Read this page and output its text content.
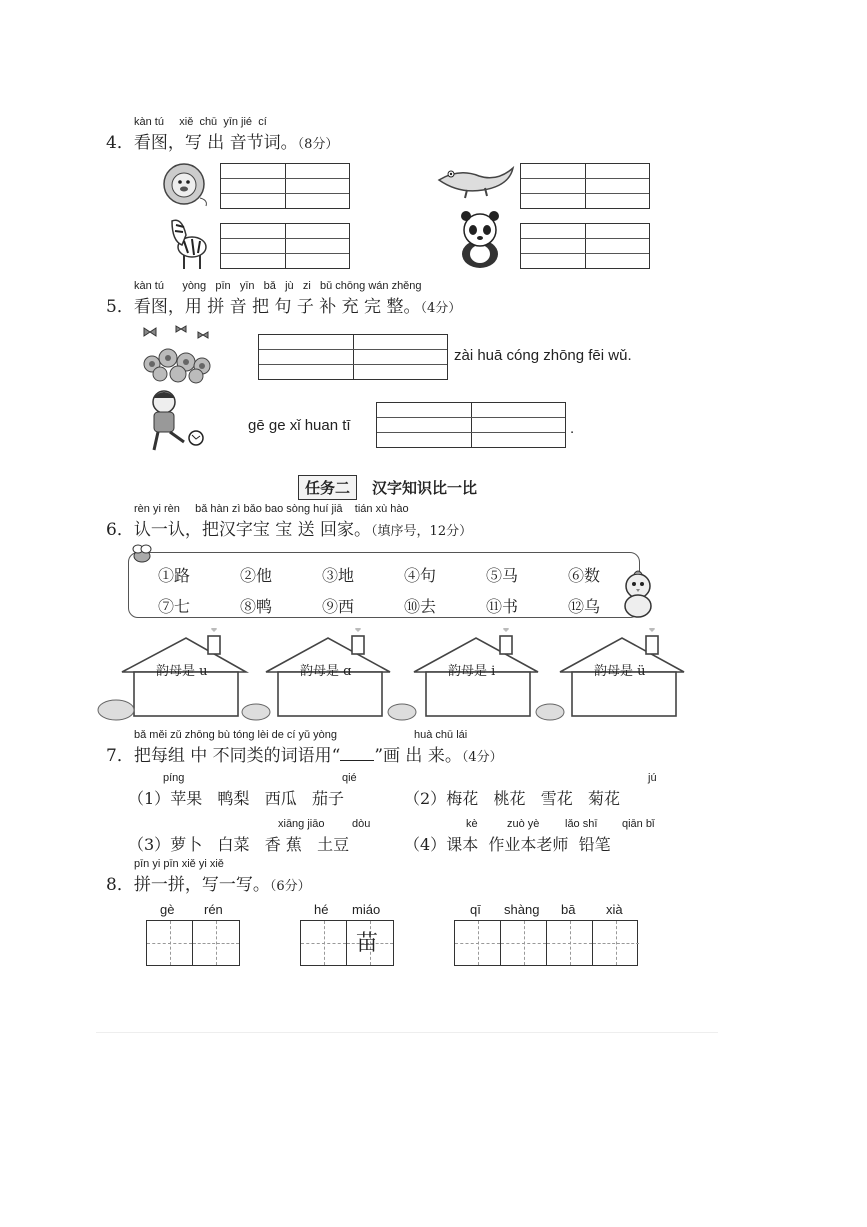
kàn tú xiě chū yīn jié cí
4．看图，写 出 音节词。（8分）
kàn tú yòng pīn yīn bǎ jù zi bǔ chōng wán zhěng
5．看图，用 拼 音 把 句 子 补 充 完 整。（4分）
zài huā cóng zhōng fēi wǔ.
gē ge xǐ huan tī	.
任务二	汉字知识比一比
rèn yi rèn bǎ hàn zì bǎo bao sòng huí jiā tián xù hào
6．认一认，把汉字宝 宝 送 回家。（填序号，12分）
①路	②他	③地	④句	⑤马	⑥数
⑦七	⑧鸭	⑨西	⑩去	⑪书	⑫乌
韵母是 u	韵母是 ɑ	韵母是 i	韵母是 ü
bǎ měi zǔ zhōng bù tóng lèi de cí yǔ yòng	huà chū lái
7．把每组 中 不同类的词语用“ ”画 出 来。（4分）
píng	qié	jú
（1）苹果 鸭梨 西瓜 茄子	（2）梅花 桃花 雪花 菊花
xiāng jiāo	dòu	kè	zuò yè lǎo shī qiān bǐ
（3）萝卜 白菜 香 蕉 土豆	（4）课本 作业本老师 铅笔
pīn yi pīn xiě yi xiě
8．拼一拼，写一写。（6分）
gè rén	hé miáo
苗
qī shàng bā xià
